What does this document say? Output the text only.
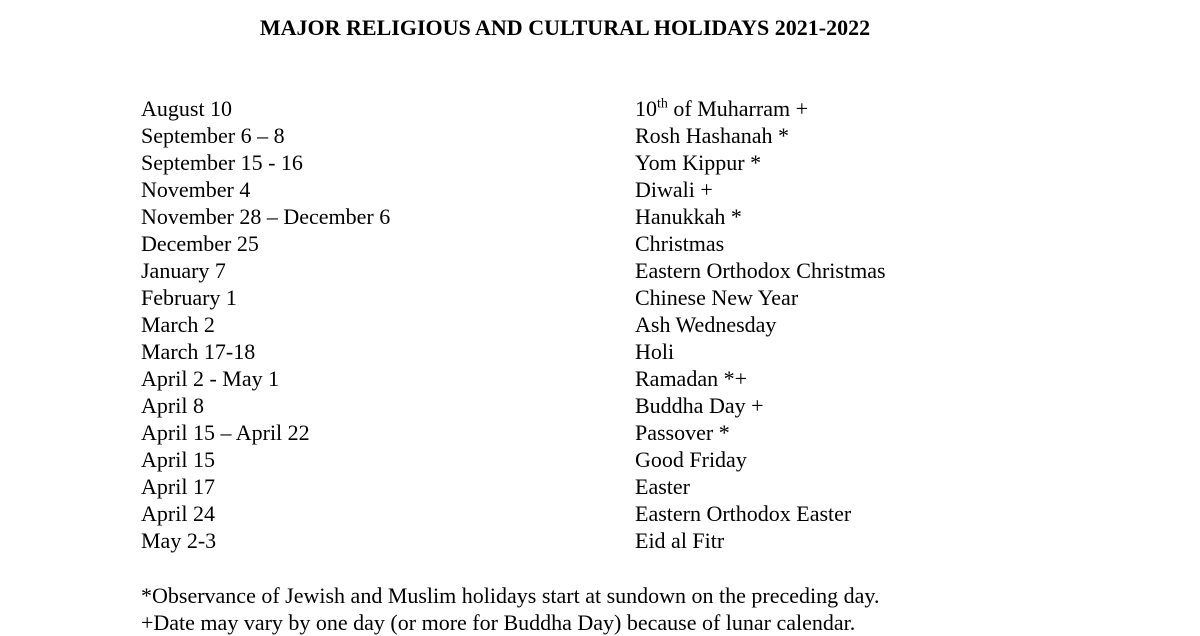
MAJOR RELIGIOUS AND CULTURAL HOLIDAYS 2021-2022
August 10	10th of Muharram +
September 6 – 8	Rosh Hashanah *
September 15 - 16	Yom Kippur *
November 4	Diwali +
November 28 – December 6	Hanukkah *
December 25	Christmas
January 7	Eastern Orthodox Christmas
February 1	Chinese New Year
March 2	Ash Wednesday
March 17-18	Holi
April 2 - May 1	Ramadan *+
April 8	Buddha Day +
April 15 – April 22	Passover *
April 15	Good Friday
April 17	Easter
April 24	Eastern Orthodox Easter
May 2-3	Eid al Fitr

*Observance of Jewish and Muslim holidays start at sundown on the preceding day.

+Date may vary by one day (or more for Buddha Day) because of lunar calendar.
